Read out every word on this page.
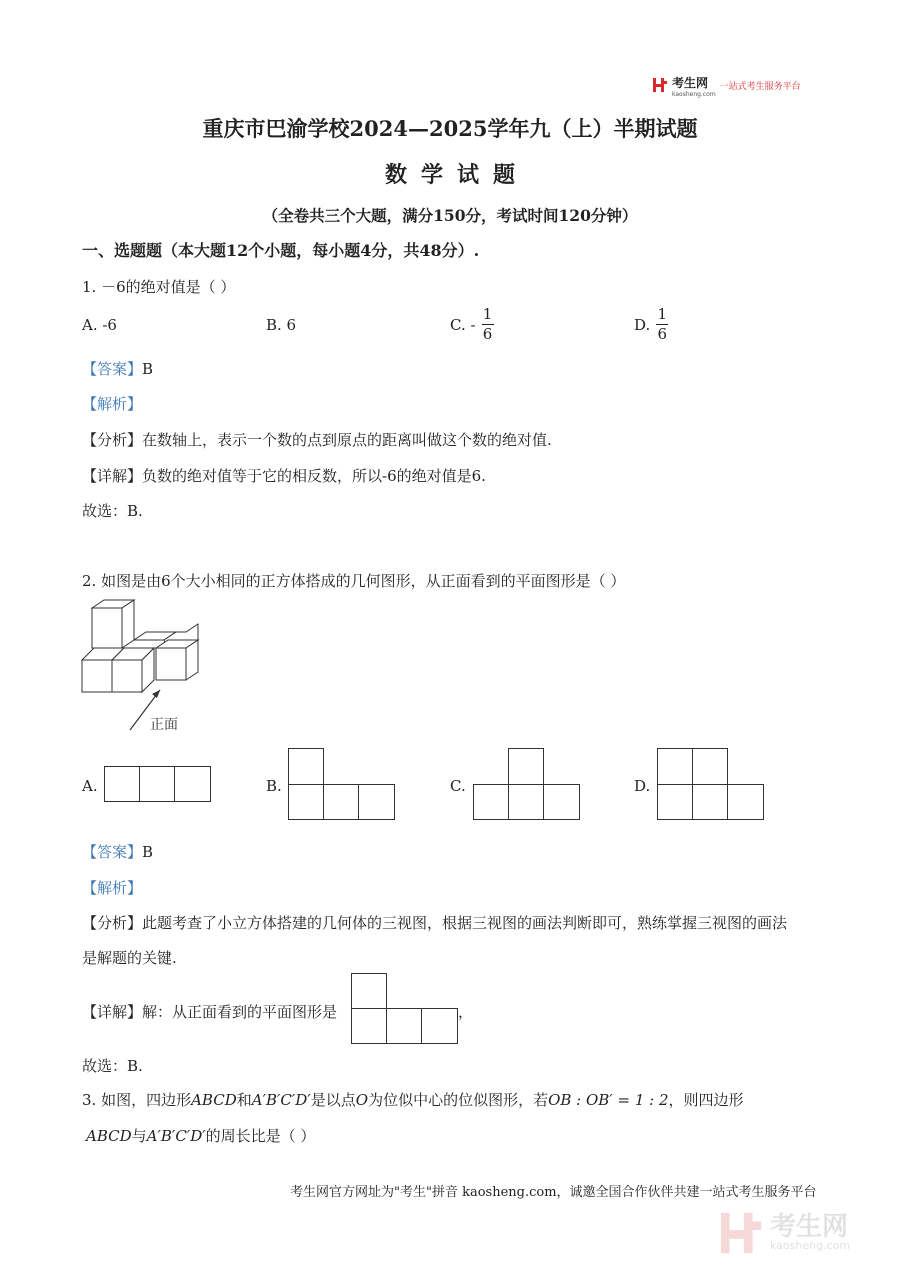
考生网
kaosheng.com
一站式考生服务平台
重庆市巴渝学校2024—2025学年九（上）半期试题
数学试题
（全卷共三个大题，满分150分，考试时间120分钟）
一、选题题（本大题12个小题，每小题4分，共48分）.
1. －6的绝对值是（ ）
A. -6	B. 6	C. - $\frac{1}{6}$	D. $\frac{1}{6}$
【答案】B
【解析】
【分析】在数轴上，表示一个数的点到原点的距离叫做这个数的绝对值.
【详解】负数的绝对值等于它的相反数，所以-6的绝对值是6.
故选：B.
2. 如图是由6个大小相同的正方体搭成的几何图形，从正面看到的平面图形是（ ）
正面
A.	B.	C.	D.
【答案】B
【解析】
【分析】此题考查了小立方体搭建的几何体的三视图，根据三视图的画法判断即可，熟练掌握三视图的画法
是解题的关键.
【详解】解：从正面看到的平面图形是	，
故选：B.
3. 如图，四边形ABCD和A′B′C′D′是以点O为位似中心的位似图形，若OB : OB′ = 1 : 2，则四边形
ABCD与A′B′C′D′的周长比是（ ）
考生网官方网址为"考生"拼音 kaosheng.com，诚邀全国合作伙伴共建一站式考生服务平台
考生网
kaosheng.com
